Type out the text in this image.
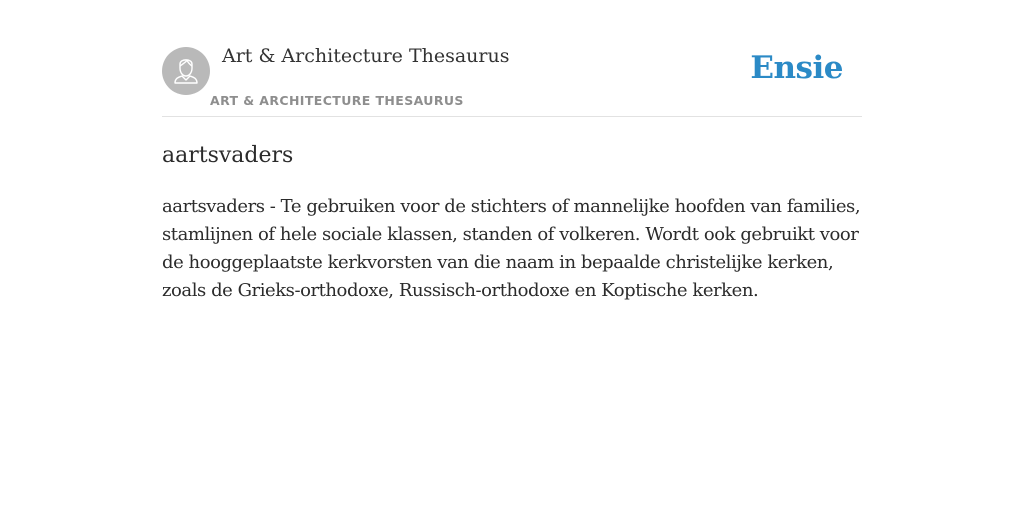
Art & Architecture Thesaurus
ART & ARCHITECTURE THESAURUS
Ensie
aartsvaders

aartsvaders - Te gebruiken voor de stichters of mannelijke hoofden van families, stamlijnen of hele sociale klassen, standen of volkeren. Wordt ook gebruikt voor de hooggeplaatste kerkvorsten van die naam in bepaalde christelijke kerken, zoals de Grieks-orthodoxe, Russisch-orthodoxe en Koptische kerken.
